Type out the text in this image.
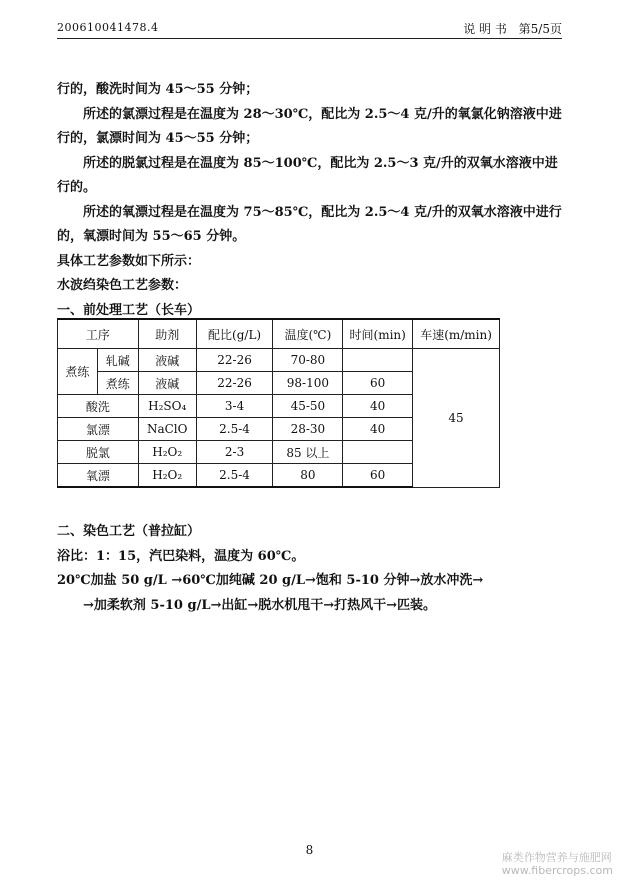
200610041478.4	说 明 书 第5/5页

行的，酸洗时间为 45～55 分钟；

所述的氯漂过程是在温度为 28～30℃，配比为 2.5～4 克/升的氧氯化钠溶液中进行的，氯漂时间为 45～55 分钟；

所述的脱氯过程是在温度为 85～100℃，配比为 2.5～3 克/升的双氧水溶液中进行的。

所述的氧漂过程是在温度为 75～85℃，配比为 2.5～4 克/升的双氧水溶液中进行的，氧漂时间为 55～65 分钟。

具体工艺参数如下所示：

水波绉染色工艺参数：

一、前处理工艺（长车）

工序		助剂	配比(g/L)	温度(℃)	时间(min)	车速(m/min)
煮练	轧碱	液碱	22-26	70-80		45
	煮练	液碱	22-26	98-100	60	
酸洗		H₂SO₄	3-4	45-50	40	
氯漂		NaClO	2.5-4	28-30	40	
脱氯		H₂O₂	2-3	85 以上		
氧漂		H₂O₂	2.5-4	80	60	

二、染色工艺（普拉缸）

浴比：1：15，汽巴染料，温度为 60℃。

20℃加盐 50 g/L →60℃加纯碱 20 g/L→饱和 5-10 分钟→放水冲洗→

→加柔软剂 5-10 g/L→出缸→脱水机甩干→打热风干→匹装。

8
麻类作物营养与施肥网
www.fibercrops.com
